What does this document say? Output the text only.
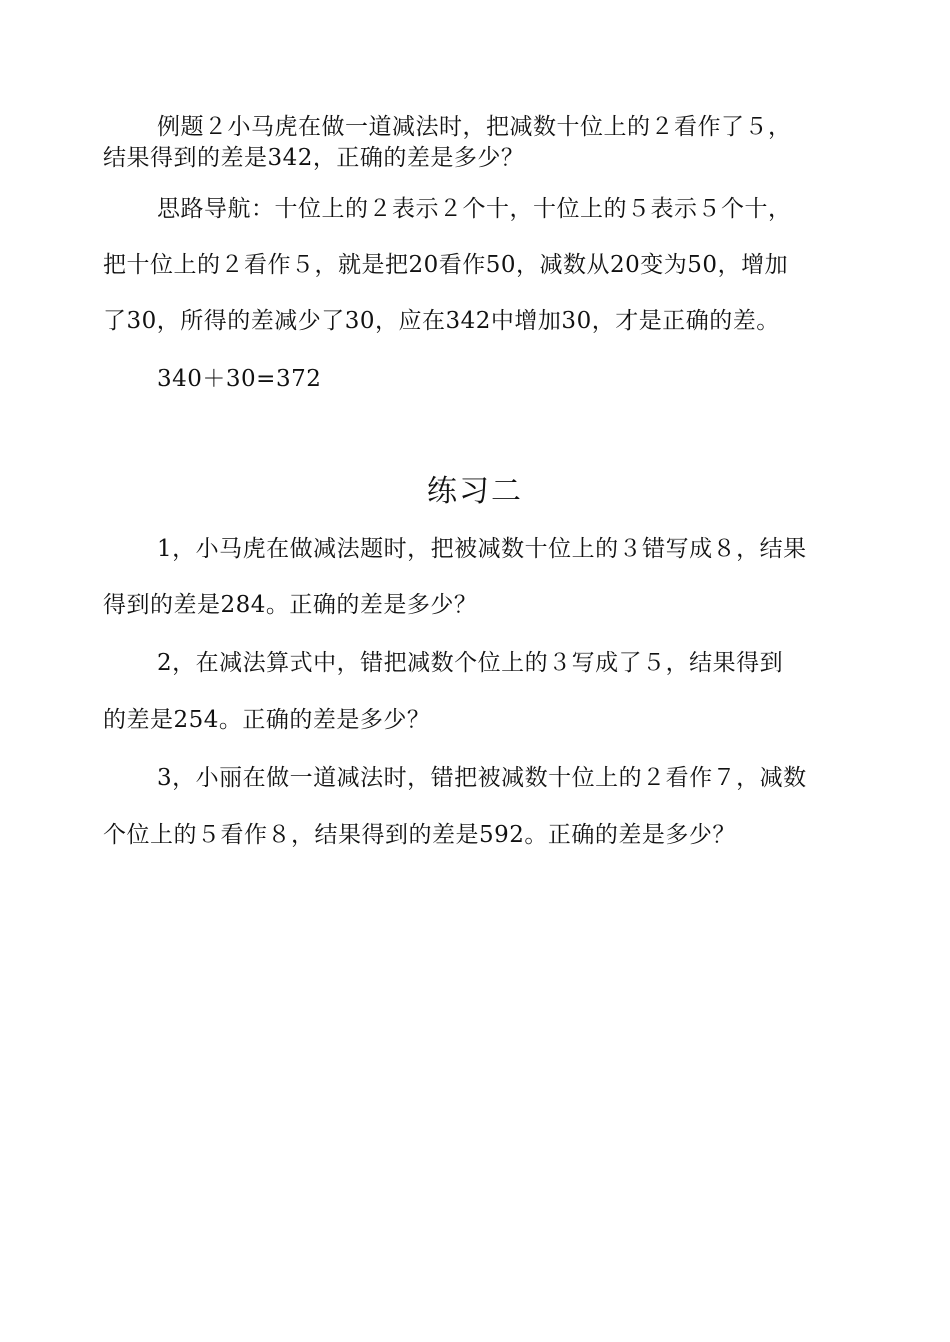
例题２小马虎在做一道减法时，把减数十位上的２看作了５，
结果得到的差是342，正确的差是多少？
思路导航：十位上的２表示２个十，十位上的５表示５个十，
把十位上的２看作５，就是把20看作50，减数从20变为50，增加
了30，所得的差减少了30，应在342中增加30，才是正确的差。
340＋30=372
练习二
1，小马虎在做减法题时，把被减数十位上的３错写成８，结果
得到的差是284。正确的差是多少？
2，在减法算式中，错把减数个位上的３写成了５，结果得到
的差是254。正确的差是多少？
3，小丽在做一道减法时，错把被减数十位上的２看作７，减数
个位上的５看作８，结果得到的差是592。正确的差是多少？
